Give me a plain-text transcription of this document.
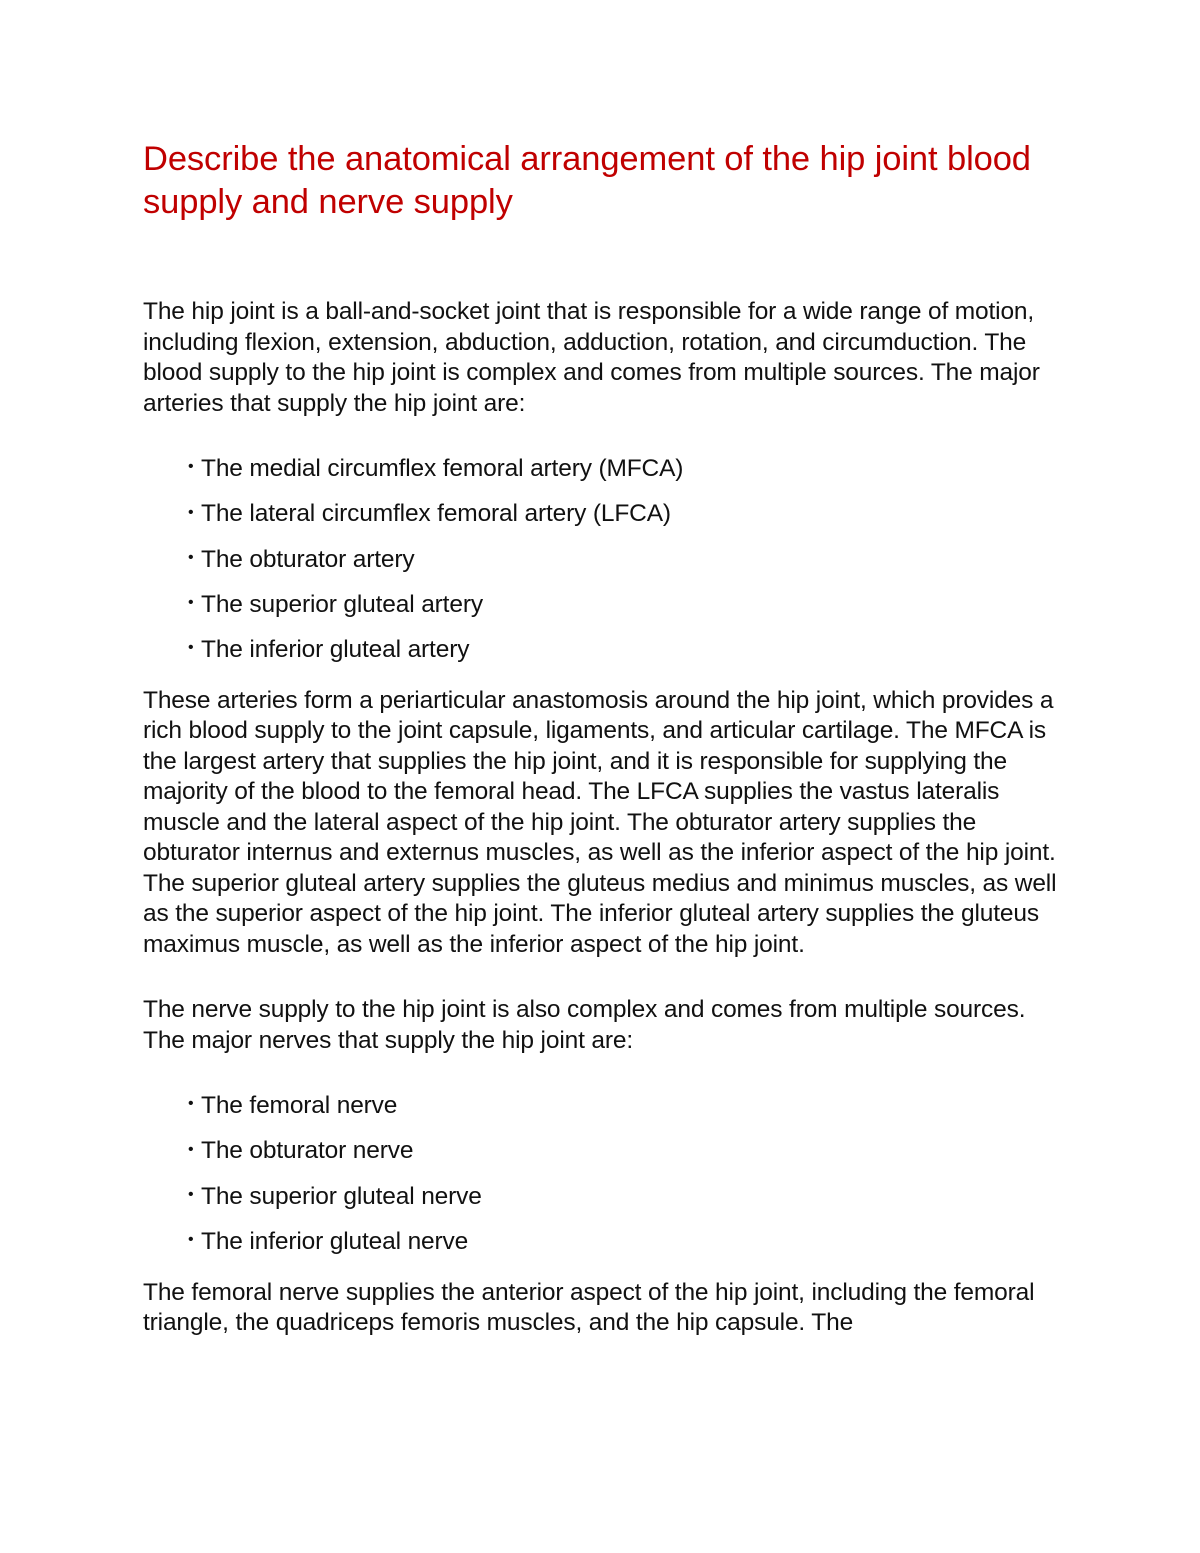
Describe the anatomical arrangement of the hip joint blood supply and nerve supply

The hip joint is a ball-and-socket joint that is responsible for a wide range of motion, including flexion, extension, abduction, adduction, rotation, and circumduction. The blood supply to the hip joint is complex and comes from multiple sources. The major arteries that supply the hip joint are:

• The medial circumflex femoral artery (MFCA)
• The lateral circumflex femoral artery (LFCA)
• The obturator artery
• The superior gluteal artery
• The inferior gluteal artery

These arteries form a periarticular anastomosis around the hip joint, which provides a rich blood supply to the joint capsule, ligaments, and articular cartilage. The MFCA is the largest artery that supplies the hip joint, and it is responsible for supplying the majority of the blood to the femoral head. The LFCA supplies the vastus lateralis muscle and the lateral aspect of the hip joint. The obturator artery supplies the obturator internus and externus muscles, as well as the inferior aspect of the hip joint. The superior gluteal artery supplies the gluteus medius and minimus muscles, as well as the superior aspect of the hip joint. The inferior gluteal artery supplies the gluteus maximus muscle, as well as the inferior aspect of the hip joint.

The nerve supply to the hip joint is also complex and comes from multiple sources. The major nerves that supply the hip joint are:

• The femoral nerve
• The obturator nerve
• The superior gluteal nerve
• The inferior gluteal nerve

The femoral nerve supplies the anterior aspect of the hip joint, including the femoral triangle, the quadriceps femoris muscles, and the hip capsule. The
